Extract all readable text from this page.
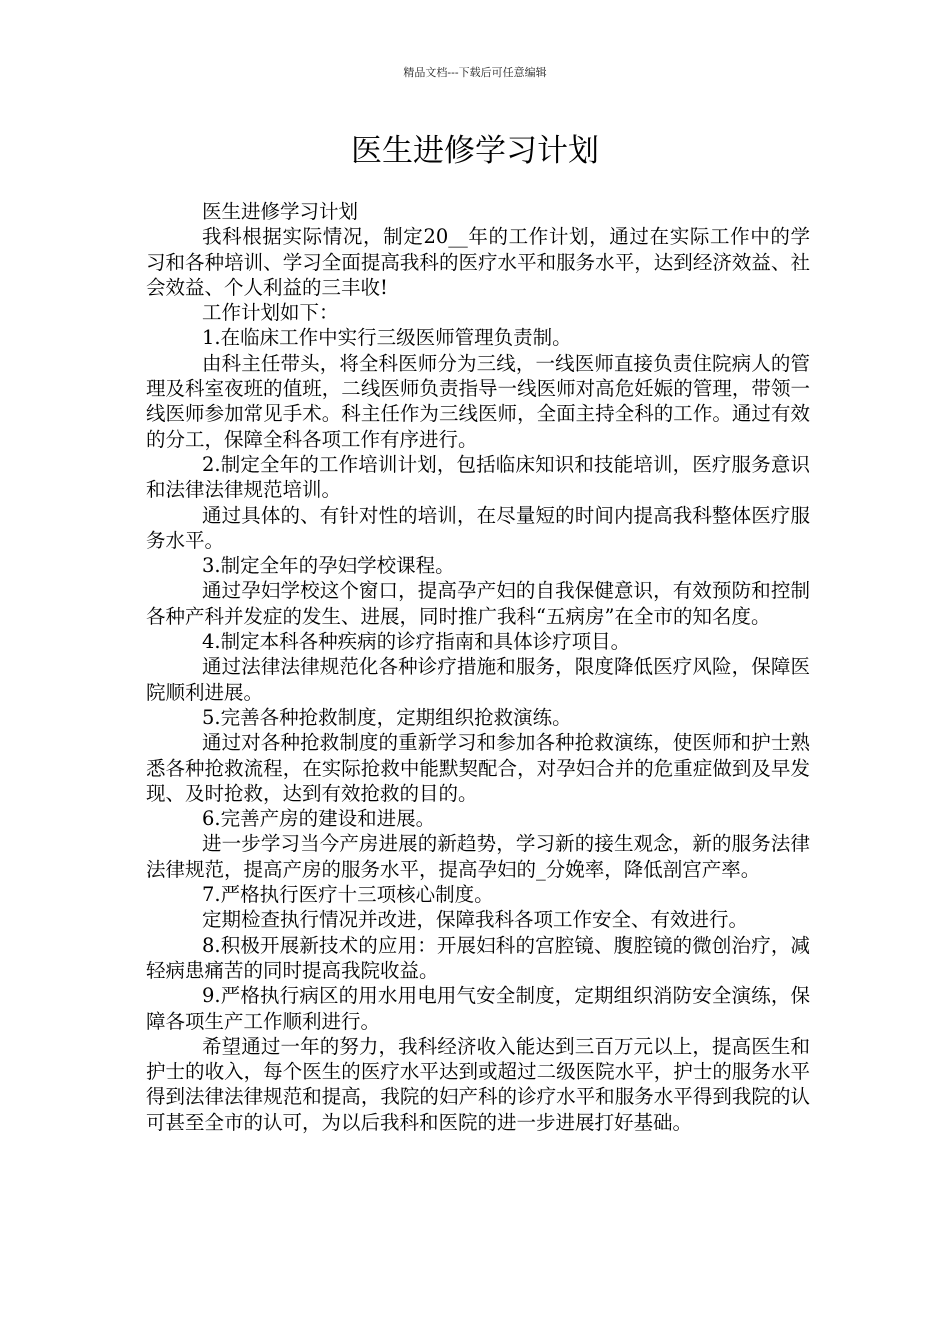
精品文档---下载后可任意编辑
医生进修学习计划

医生进修学习计划

我科根据实际情况，制定20__年的工作计划，通过在实际工作中的学习和各种培训、学习全面提高我科的医疗水平和服务水平，达到经济效益、社会效益、个人利益的三丰收!

工作计划如下：

1.在临床工作中实行三级医师管理负责制。

由科主任带头，将全科医师分为三线，一线医师直接负责住院病人的管理及科室夜班的值班，二线医师负责指导一线医师对高危妊娠的管理，带领一线医师参加常见手术。科主任作为三线医师，全面主持全科的工作。通过有效的分工，保障全科各项工作有序进行。

2.制定全年的工作培训计划，包括临床知识和技能培训，医疗服务意识和法律法律规范培训。

通过具体的、有针对性的培训，在尽量短的时间内提高我科整体医疗服务水平。

3.制定全年的孕妇学校课程。

通过孕妇学校这个窗口，提高孕产妇的自我保健意识，有效预防和控制各种产科并发症的发生、进展，同时推广我科“五病房”在全市的知名度。

4.制定本科各种疾病的诊疗指南和具体诊疗项目。

通过法律法律规范化各种诊疗措施和服务，限度降低医疗风险，保障医院顺利进展。

5.完善各种抢救制度，定期组织抢救演练。

通过对各种抢救制度的重新学习和参加各种抢救演练，使医师和护士熟悉各种抢救流程，在实际抢救中能默契配合，对孕妇合并的危重症做到及早发现、及时抢救，达到有效抢救的目的。

6.完善产房的建设和进展。

进一步学习当今产房进展的新趋势，学习新的接生观念，新的服务法律法律规范，提高产房的服务水平，提高孕妇的_分娩率，降低剖宫产率。

7.严格执行医疗十三项核心制度。

定期检查执行情况并改进，保障我科各项工作安全、有效进行。

8.积极开展新技术的应用：开展妇科的宫腔镜、腹腔镜的微创治疗，减轻病患痛苦的同时提高我院收益。

9.严格执行病区的用水用电用气安全制度，定期组织消防安全演练，保障各项生产工作顺利进行。

希望通过一年的努力，我科经济收入能达到三百万元以上，提高医生和护士的收入，每个医生的医疗水平达到或超过二级医院水平，护士的服务水平得到法律法律规范和提高，我院的妇产科的诊疗水平和服务水平得到我院的认可甚至全市的认可，为以后我科和医院的进一步进展打好基础。
